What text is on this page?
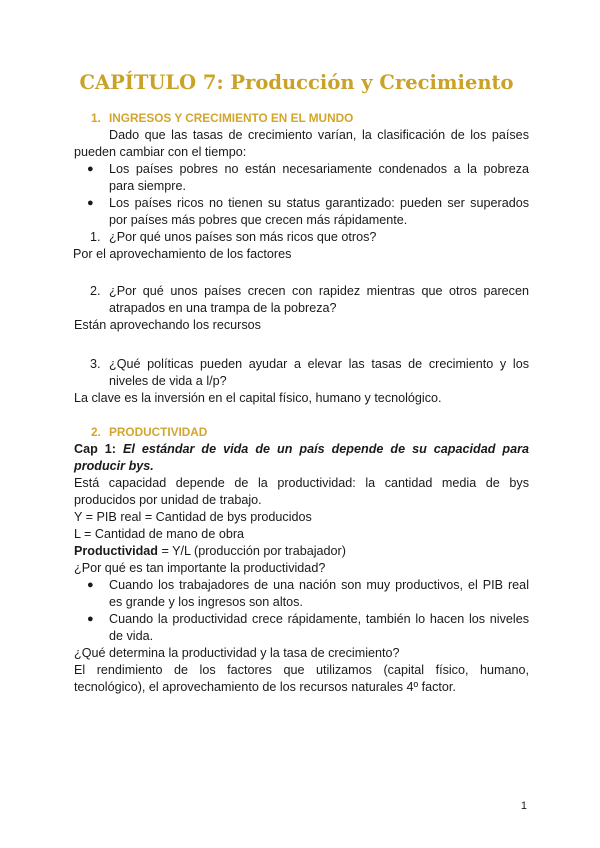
CAPÍTULO 7: Producción y Crecimiento
1. INGRESOS Y CRECIMIENTO EN EL MUNDO

Dado que las tasas de crecimiento varían, la clasificación de los países pueden cambiar con el tiempo:

● Los países pobres no están necesariamente condenados a la pobreza para siempre.
● Los países ricos no tienen su status garantizado: pueden ser superados por países más pobres que crecen más rápidamente.
1. ¿Por qué unos países son más ricos que otros?

Por el aprovechamiento de los factores

2. ¿Por qué unos países crecen con rapidez mientras que otros parecen atrapados en una trampa de la pobreza?

Están aprovechando los recursos

3. ¿Qué políticas pueden ayudar a elevar las tasas de crecimiento y los niveles de vida a l/p?

La clave es la inversión en el capital físico, humano y tecnológico.

2. PRODUCTIVIDAD

Cap 1: El estándar de vida de un país depende de su capacidad para producir bys.

Está capacidad depende de la productividad: la cantidad media de bys producidos por unidad de trabajo.

Y = PIB real = Cantidad de bys producidos

L = Cantidad de mano de obra

Productividad = Y/L (producción por trabajador)

¿Por qué es tan importante la productividad?

● Cuando los trabajadores de una nación son muy productivos, el PIB real es grande y los ingresos son altos.
● Cuando la productividad crece rápidamente, también lo hacen los niveles de vida.

¿Qué determina la productividad y la tasa de crecimiento?

El rendimiento de los factores que utilizamos (capital físico, humano, tecnológico), el aprovechamiento de los recursos naturales 4º factor.

1
